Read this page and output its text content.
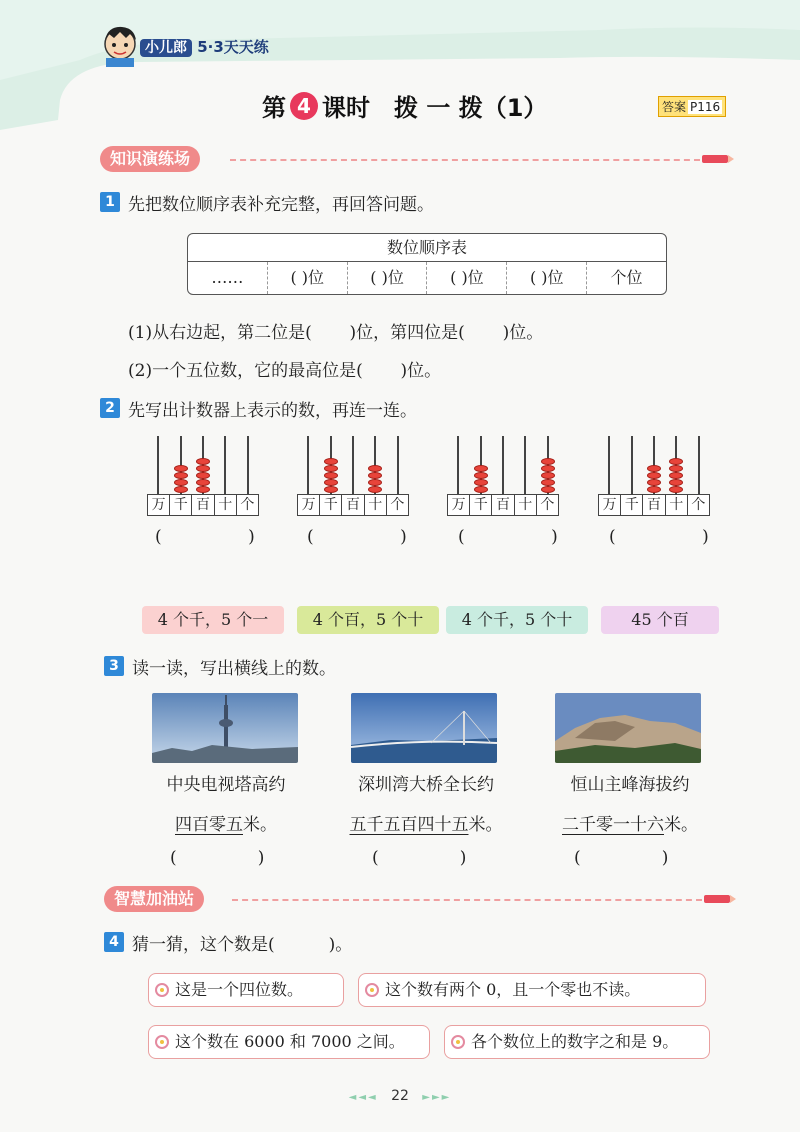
小儿郎 5·3天天练
第 4 课时 拨 一 拨（1）	答案 P116
知识演练场
1 先把数位顺序表补充完整，再回答问题。
数位顺序表
……	( )位	( )位	( )位	( )位	个位
(1)从右边起，第二位是(       )位，第四位是(       )位。
(2)一个五位数，它的最高位是(       )位。
2 先写出计数器上表示的数，再连一连。
万 千 百 十 个	万 千 百 十 个	万 千 百 十 个	万 千 百 十 个
(                )	(                )	(                )	(                )
4 个千，5 个一	4 个百，5 个十	4 个千，5 个十	45 个百
3 读一读，写出横线上的数。
中央电视塔高约	深圳湾大桥全长约	恒山主峰海拔约
四百零五米。	五千五百四十五米。	二千零一十六米。
(               )	(               )	(               )
智慧加油站
4 猜一猜，这个数是(          )。
这是一个四位数。	这个数有两个 0，且一个零也不读。
这个数在 6000 和 7000 之间。	各个数位上的数字之和是 9。
◄◄◄ 22 ►►►
